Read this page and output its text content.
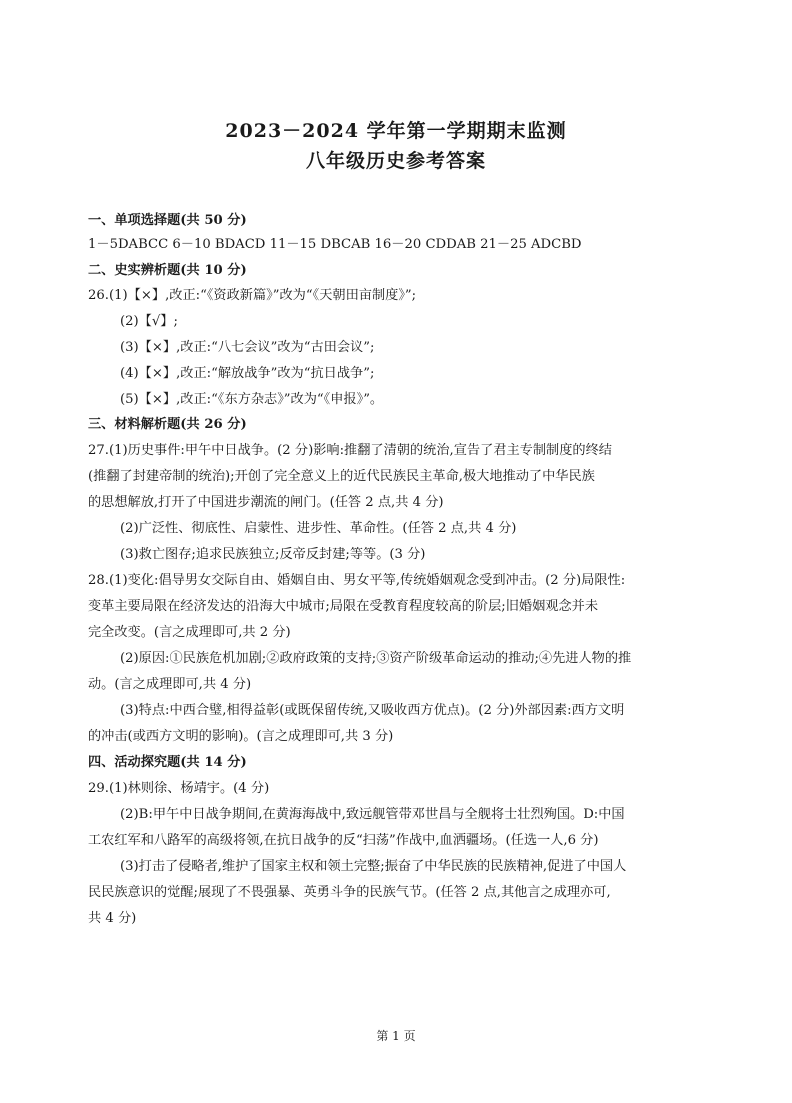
2023－2024 学年第一学期期末监测
八年级历史参考答案
一、单项选择题(共 50 分)
1－5DABCC 6－10 BDACD 11－15 DBCAB 16－20 CDDAB 21－25 ADCBD
二、史实辨析题(共 10 分)
26.(1)【×】,改正:“《资政新篇》”改为“《天朝田亩制度》”;
(2)【√】;
(3)【×】,改正:“八七会议”改为“古田会议”;
(4)【×】,改正:“解放战争”改为“抗日战争”;
(5)【×】,改正:“《东方杂志》”改为“《申报》”。
三、材料解析题(共 26 分)
27.(1)历史事件:甲午中日战争。(2 分)影响:推翻了清朝的统治,宣告了君主专制制度的终结
(推翻了封建帝制的统治);开创了完全意义上的近代民族民主革命,极大地推动了中华民族
的思想解放,打开了中国进步潮流的闸门。(任答 2 点,共 4 分)
(2)广泛性、彻底性、启蒙性、进步性、革命性。(任答 2 点,共 4 分)
(3)救亡图存;追求民族独立;反帝反封建;等等。(3 分)
28.(1)变化:倡导男女交际自由、婚姻自由、男女平等,传统婚姻观念受到冲击。(2 分)局限性:
变革主要局限在经济发达的沿海大中城市;局限在受教育程度较高的阶层;旧婚姻观念并未
完全改变。(言之成理即可,共 2 分)
(2)原因:①民族危机加剧;②政府政策的支持;③资产阶级革命运动的推动;④先进人物的推
动。(言之成理即可,共 4 分)
(3)特点:中西合璧,相得益彰(或既保留传统,又吸收西方优点)。(2 分)外部因素:西方文明
的冲击(或西方文明的影响)。(言之成理即可,共 3 分)
四、活动探究题(共 14 分)
29.(1)林则徐、杨靖宇。(4 分)
(2)B:甲午中日战争期间,在黄海海战中,致远舰管带邓世昌与全舰将士壮烈殉国。D:中国
工农红军和八路军的高级将领,在抗日战争的反“扫荡”作战中,血洒疆场。(任选一人,6 分)
(3)打击了侵略者,维护了国家主权和领土完整;振奋了中华民族的民族精神,促进了中国人
民民族意识的觉醒;展现了不畏强暴、英勇斗争的民族气节。(任答 2 点,其他言之成理亦可,
共 4 分)
第 1 页
